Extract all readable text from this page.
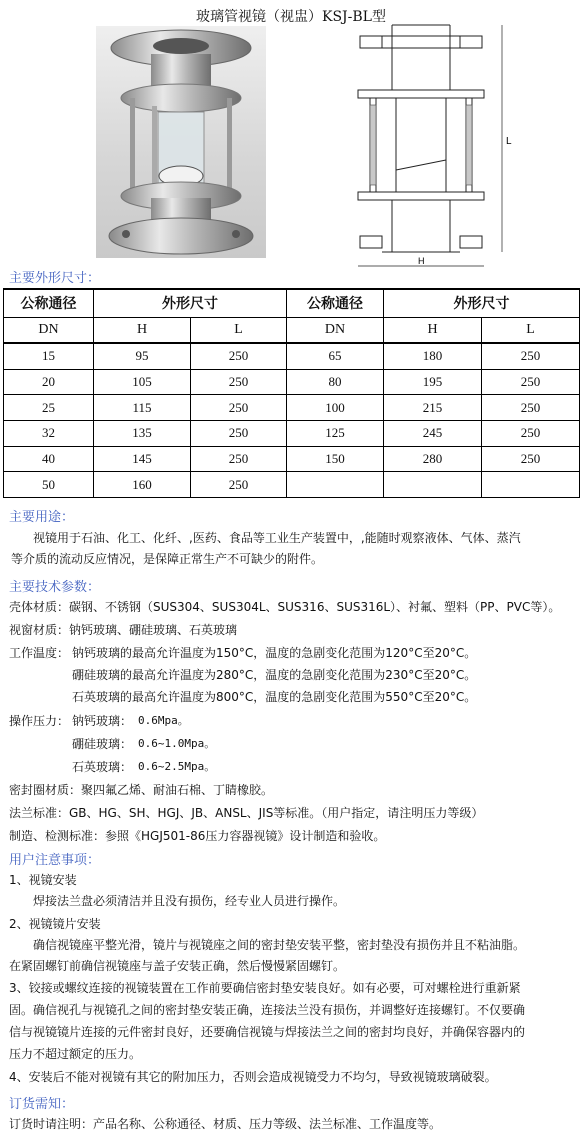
玻璃管视镜（视盅）KSJ-BL型
L
H
主要外形尺寸：
公称通径	外形尺寸		公称通径	外形尺寸	
DN	H	L	DN	H	L
15	95	250	65	180	250
20	105	250	80	195	250
25	115	250	100	215	250
32	135	250	125	245	250
40	145	250	150	280	250
50	160	250			
主要用途：
视镜用于石油、化工、化纤、,医药、食品等工业生产装置中，,能随时观察液体、气体、蒸汽
等介质的流动反应情况，是保障正常生产不可缺少的附件。
主要技术参数：
壳体材质：碳钢、不锈钢（SUS304、SUS304L、SUS316、SUS316L）、衬氟、塑料（PP、PVC等）。
视窗材质：钠钙玻璃、硼硅玻璃、石英玻璃
工作温度： 钠钙玻璃的最高允许温度为150°C，温度的急剧变化范围为120°C至20°C。
硼硅玻璃的最高允许温度为280°C，温度的急剧变化范围为230°C至20°C。
石英玻璃的最高允许温度为800°C，温度的急剧变化范围为550°C至20°C。
操作压力： 钠钙玻璃： 0.6Mpa。
硼硅玻璃： 0.6~1.0Mpa。
石英玻璃： 0.6~2.5Mpa。
密封圈材质：聚四氟乙烯、耐油石棉、丁睛橡胶。
法兰标准：GB、HG、SH、HGJ、JB、ANSL、JIS等标准。（用户指定，请注明压力等级）
制造、检测标准：参照《HGJ501-86压力容器视镜》设计制造和验收。
用户注意事项：
1、视镜安装
焊接法兰盘必须清洁并且没有损伤，经专业人员进行操作。
2、视镜镜片安装
确信视镜座平整光滑，镜片与视镜座之间的密封垫安装平整，密封垫没有损伤并且不粘油脂。
在紧固螺钉前确信视镜座与盖子安装正确，然后慢慢紧固螺钉。
3、铰接或螺纹连接的视镜装置在工作前要确信密封垫安装良好。如有必要，可对螺栓进行重新紧
固。确信视孔与视镜孔之间的密封垫安装正确，连接法兰没有损伤，并调整好连接螺钉。不仅要确
信与视镜镜片连接的元件密封良好，还要确信视镜与焊接法兰之间的密封均良好，并确保容器内的
压力不超过额定的压力。
4、安装后不能对视镜有其它的附加压力，否则会造成视镜受力不均匀，导致视镜玻璃破裂。
订货需知：
订货时请注明：产品名称、公称通径、材质、压力等级、法兰标准、工作温度等。
